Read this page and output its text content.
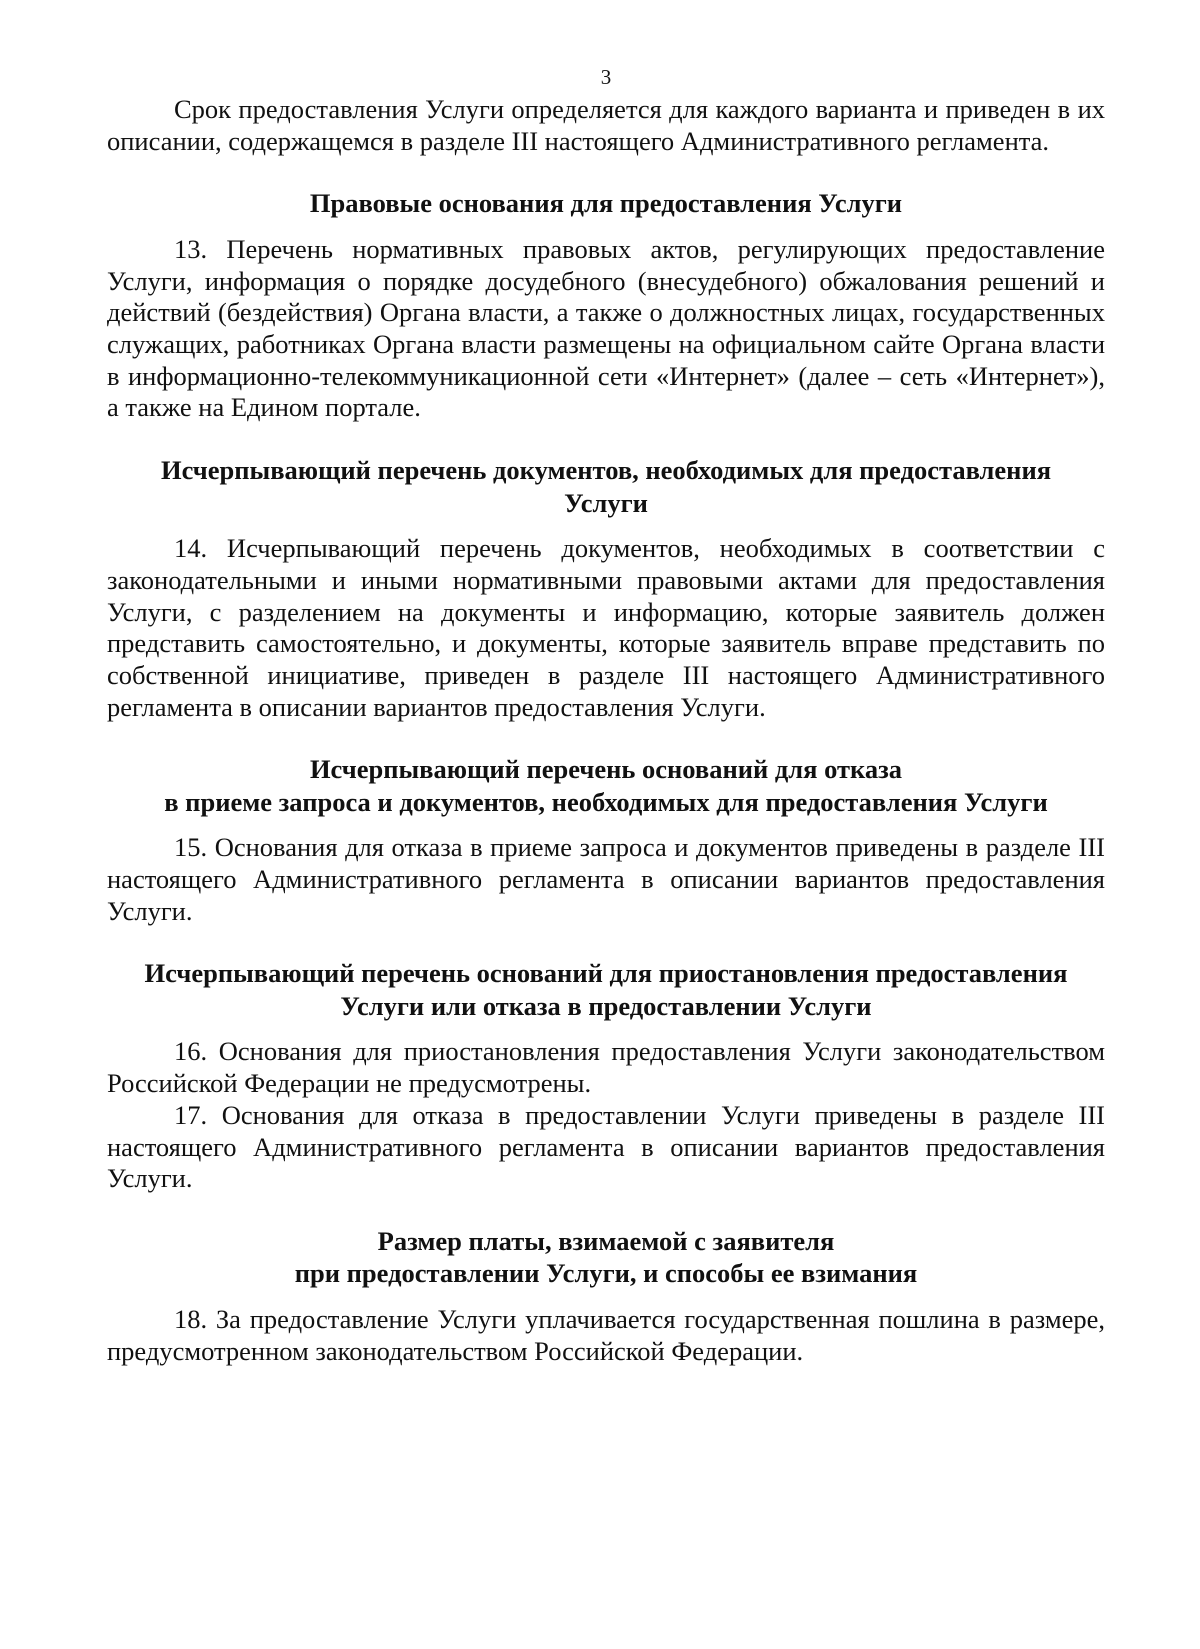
3

Срок предоставления Услуги определяется для каждого варианта и приведен в их описании, содержащемся в разделе III настоящего Административного регламента.

Правовые основания для предоставления Услуги

13. Перечень нормативных правовых актов, регулирующих предоставление Услуги, информация о порядке досудебного (внесудебного) обжалования решений и действий (бездействия) Органа власти, а также о должностных лицах, государственных служащих, работниках Органа власти размещены на официальном сайте Органа власти в информационно-телекоммуникационной сети «Интернет» (далее – сеть «Интернет»), а также на Едином портале.

Исчерпывающий перечень документов, необходимых для предоставления
Услуги

14. Исчерпывающий перечень документов, необходимых в соответствии с законодательными и иными нормативными правовыми актами для предоставления Услуги, с разделением на документы и информацию, которые заявитель должен представить самостоятельно, и документы, которые заявитель вправе представить по собственной инициативе, приведен в разделе III настоящего Административного регламента в описании вариантов предоставления Услуги.

Исчерпывающий перечень оснований для отказа
в приеме запроса и документов, необходимых для предоставления Услуги

15. Основания для отказа в приеме запроса и документов приведены в разделе III настоящего Административного регламента в описании вариантов предоставления Услуги.

Исчерпывающий перечень оснований для приостановления предоставления
Услуги или отказа в предоставлении Услуги

16. Основания для приостановления предоставления Услуги законодательством Российской Федерации не предусмотрены.

17. Основания для отказа в предоставлении Услуги приведены в разделе III настоящего Административного регламента в описании вариантов предоставления Услуги.

Размер платы, взимаемой с заявителя
при предоставлении Услуги, и способы ее взимания

18. За предоставление Услуги уплачивается государственная пошлина в размере, предусмотренном законодательством Российской Федерации.
